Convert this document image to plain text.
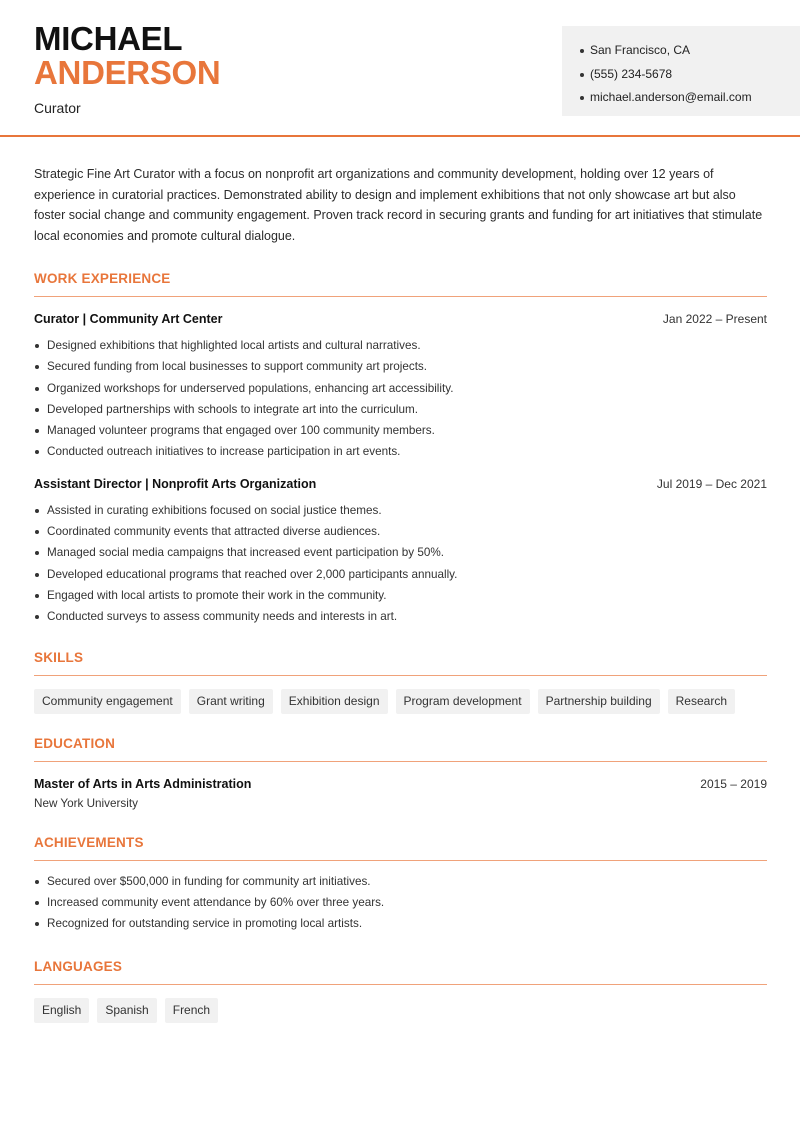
MICHAEL
ANDERSON
Curator
San Francisco, CA
(555) 234-5678
michael.anderson@email.com

Strategic Fine Art Curator with a focus on nonprofit art organizations and community development, holding over 12 years of experience in curatorial practices. Demonstrated ability to design and implement exhibitions that not only showcase art but also foster social change and community engagement. Proven track record in securing grants and funding for art initiatives that stimulate local economies and promote cultural dialogue.

WORK EXPERIENCE
Curator | Community Art Center	Jan 2022 – Present
Designed exhibitions that highlighted local artists and cultural narratives.
Secured funding from local businesses to support community art projects.
Organized workshops for underserved populations, enhancing art accessibility.
Developed partnerships with schools to integrate art into the curriculum.
Managed volunteer programs that engaged over 100 community members.
Conducted outreach initiatives to increase participation in art events.
Assistant Director | Nonprofit Arts Organization	Jul 2019 – Dec 2021
Assisted in curating exhibitions focused on social justice themes.
Coordinated community events that attracted diverse audiences.
Managed social media campaigns that increased event participation by 50%.
Developed educational programs that reached over 2,000 participants annually.
Engaged with local artists to promote their work in the community.
Conducted surveys to assess community needs and interests in art.
SKILLS
Community engagement	Grant writing	Exhibition design	Program development	Partnership building	Research
EDUCATION
Master of Arts in Arts Administration	2015 – 2019
New York University
ACHIEVEMENTS
Secured over $500,000 in funding for community art initiatives.
Increased community event attendance by 60% over three years.
Recognized for outstanding service in promoting local artists.
LANGUAGES
English	Spanish	French
